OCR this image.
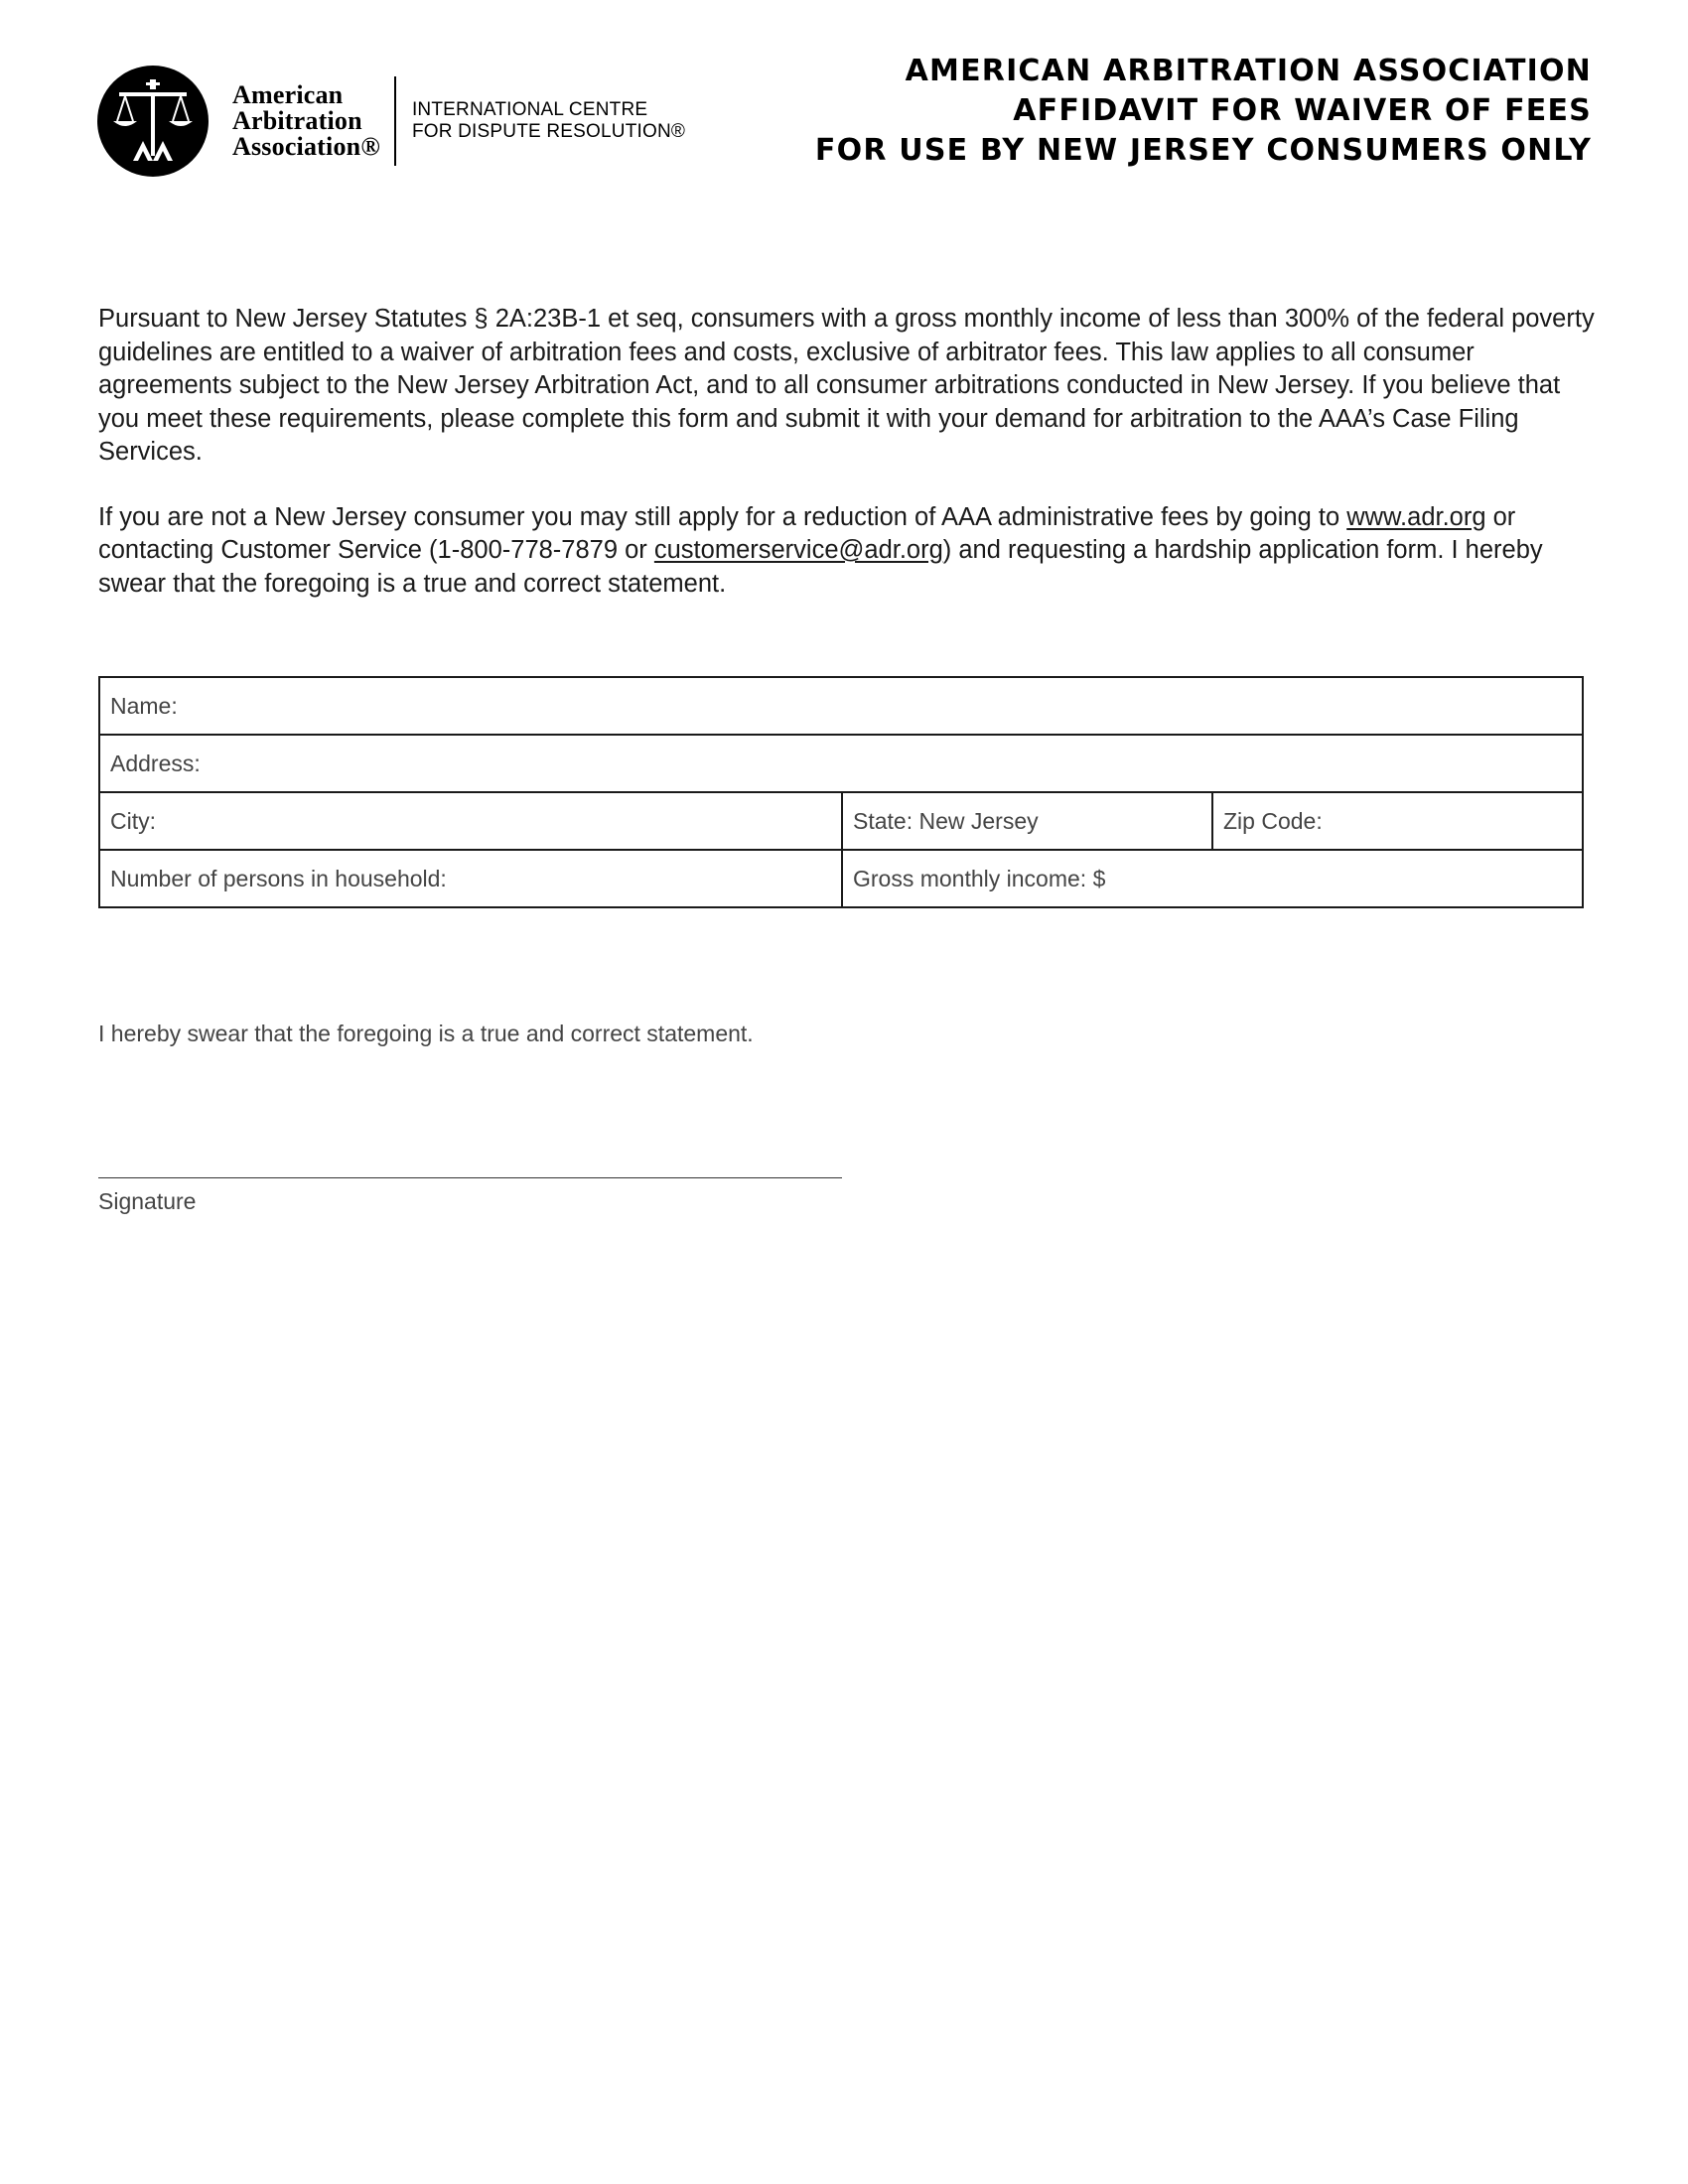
American
Arbitration
Association®
INTERNATIONAL CENTRE
FOR DISPUTE RESOLUTION®
AMERICAN ARBITRATION ASSOCIATION
AFFIDAVIT FOR WAIVER OF FEES
FOR USE BY NEW JERSEY CONSUMERS ONLY

Pursuant to New Jersey Statutes § 2A:23B-1 et seq, consumers with a gross monthly income of less than 300% of the federal poverty guidelines are entitled to a waiver of arbitration fees and costs, exclusive of arbitrator fees. This law applies to all consumer agreements subject to the New Jersey Arbitration Act, and to all consumer arbitrations conducted in New Jersey. If you believe that you meet these requirements, please complete this form and submit it with your demand for arbitration to the AAA’s Case Filing Services.

If you are not a New Jersey consumer you may still apply for a reduction of AAA administrative fees by going to www.adr.org or contacting Customer Service (1-800-778-7879 or customerservice@adr.org) and requesting a hardship application form. I hereby swear that the foregoing is a true and correct statement.

Name:		
Address:		
City:	State: New Jersey	Zip Code:
Number of persons in household:	Gross monthly income: $	
I hereby swear that the foregoing is a true and correct statement.
Signature
